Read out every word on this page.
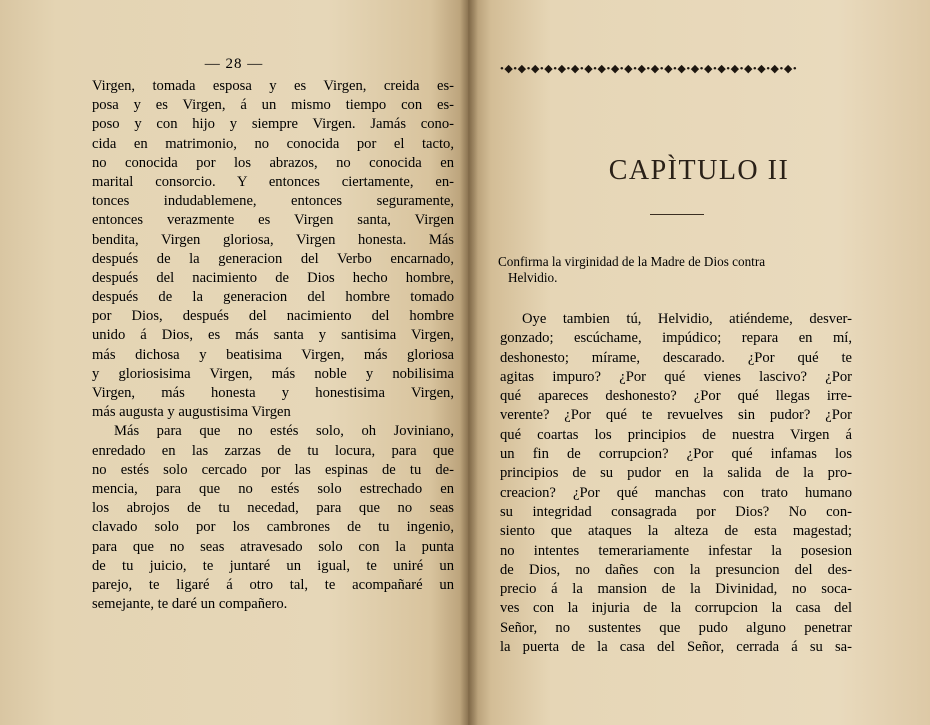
— 28 —
Virgen, tomada esposa y es Virgen, creida es-
posa y es Virgen, á un mismo tiempo con es-
poso y con hijo y siempre Virgen. Jamás cono-
cida en matrimonio, no conocida por el tacto,
no conocida por los abrazos, no conocida en
marital consorcio. Y entonces ciertamente, en-
tonces indudablemene, entonces seguramente,
entonces verazmente es Virgen santa, Virgen
bendita, Virgen gloriosa, Virgen honesta. Más
después de la generacion del Verbo encarnado,
después del nacimiento de Dios hecho hombre,
después de la generacion del hombre tomado
por Dios, después del nacimiento del hombre
unido á Dios, es más santa y santisima Virgen,
más dichosa y beatisima Virgen, más gloriosa
y gloriosisima Virgen, más noble y nobilisima
Virgen, más honesta y honestisima Virgen,
más augusta y augustisima Virgen
Más para que no estés solo, oh Joviniano,
enredado en las zarzas de tu locura, para que
no estés solo cercado por las espinas de tu de-
mencia, para que no estés solo estrechado en
los abrojos de tu necedad, para que no seas
clavado solo por los cambrones de tu ingenio,
para que no seas atravesado solo con la punta
de tu juicio, te juntaré un igual, te uniré un
parejo, te ligaré á otro tal, te acompañaré un
semejante, te daré un compañero.
•◆•◆•◆•◆•◆•◆•◆•◆•◆•◆•◆•◆•◆•◆•◆•◆•◆•◆•◆•◆•◆•◆•
CAPÌTULO II
Confirma la virginidad de la Madre de Dios contra
Helvidio.
Oye tambien tú, Helvidio, atiéndeme, desver-
gonzado; escúchame, impúdico; repara en mí,
deshonesto; mírame, descarado. ¿Por qué te
agitas impuro? ¿Por qué vienes lascivo? ¿Por
qué apareces deshonesto? ¿Por qué llegas irre-
verente? ¿Por qué te revuelves sin pudor? ¿Por
qué coartas los principios de nuestra Virgen á
un fin de corrupcion? ¿Por qué infamas los
principios de su pudor en la salida de la pro-
creacion? ¿Por qué manchas con trato humano
su integridad consagrada por Dios? No con-
siento que ataques la alteza de esta magestad;
no intentes temerariamente infestar la posesion
de Dios, no dañes con la presuncion del des-
precio á la mansion de la Divinidad, no soca-
ves con la injuria de la corrupcion la casa del
Señor, no sustentes que pudo alguno penetrar
la puerta de la casa del Señor, cerrada á su sa-
